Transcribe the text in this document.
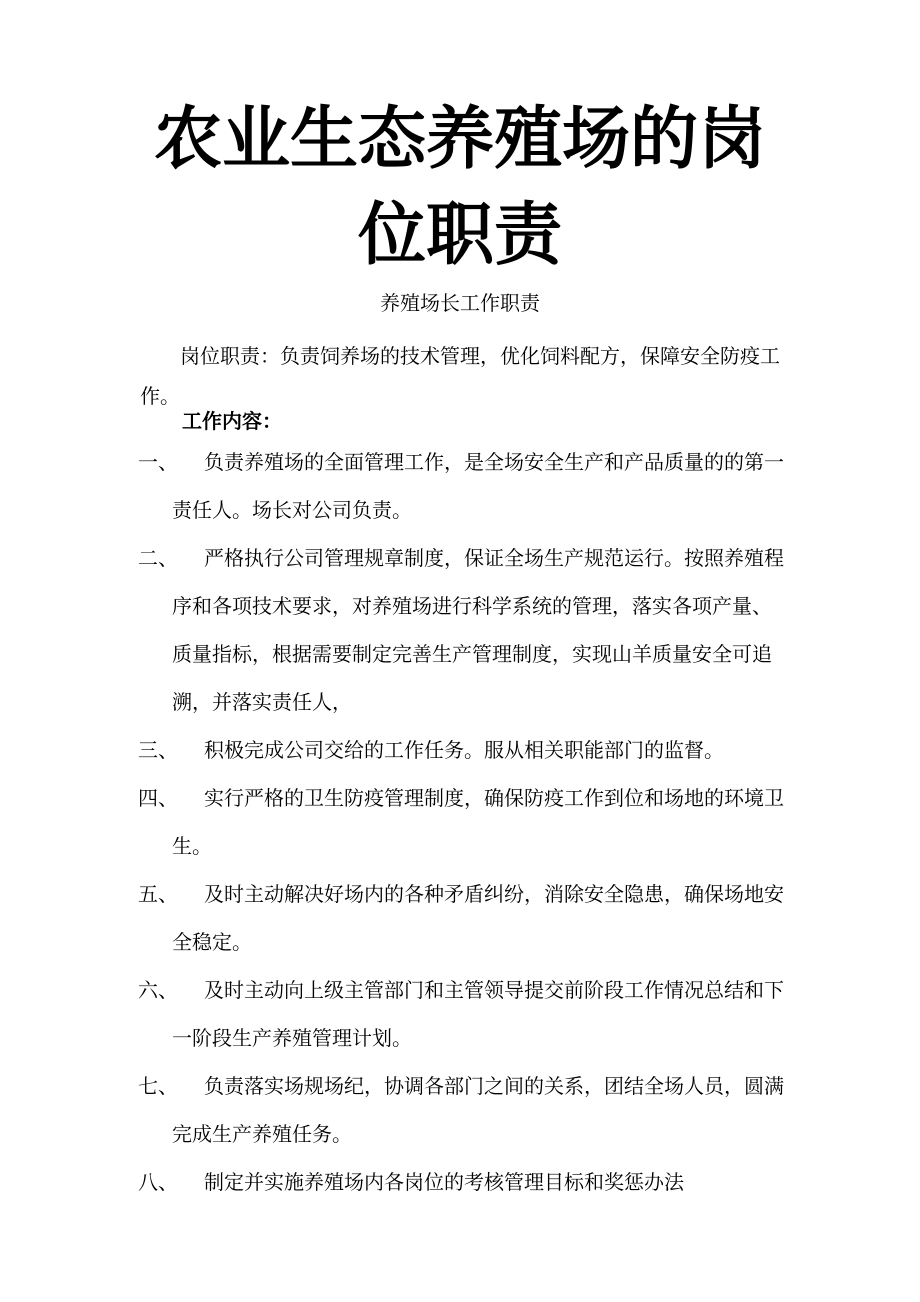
农业生态养殖场的岗
位职责
养殖场长工作职责
岗位职责：负责饲养场的技术管理，优化饲料配方，保障安全防疫工作。
工作内容：
一、	负责养殖场的全面管理工作，是全场安全生产和产品质量的的第一责任人。场长对公司负责。
二、	严格执行公司管理规章制度，保证全场生产规范运行。按照养殖程序和各项技术要求，对养殖场进行科学系统的管理，落实各项产量、质量指标，根据需要制定完善生产管理制度，实现山羊质量安全可追溯，并落实责任人，
三、	积极完成公司交给的工作任务。服从相关职能部门的监督。
四、	实行严格的卫生防疫管理制度，确保防疫工作到位和场地的环境卫生。
五、	及时主动解决好场内的各种矛盾纠纷，消除安全隐患，确保场地安全稳定。
六、	及时主动向上级主管部门和主管领导提交前阶段工作情况总结和下一阶段生产养殖管理计划。
七、	负责落实场规场纪，协调各部门之间的关系，团结全场人员，圆满完成生产养殖任务。
八、	制定并实施养殖场内各岗位的考核管理目标和奖惩办法
